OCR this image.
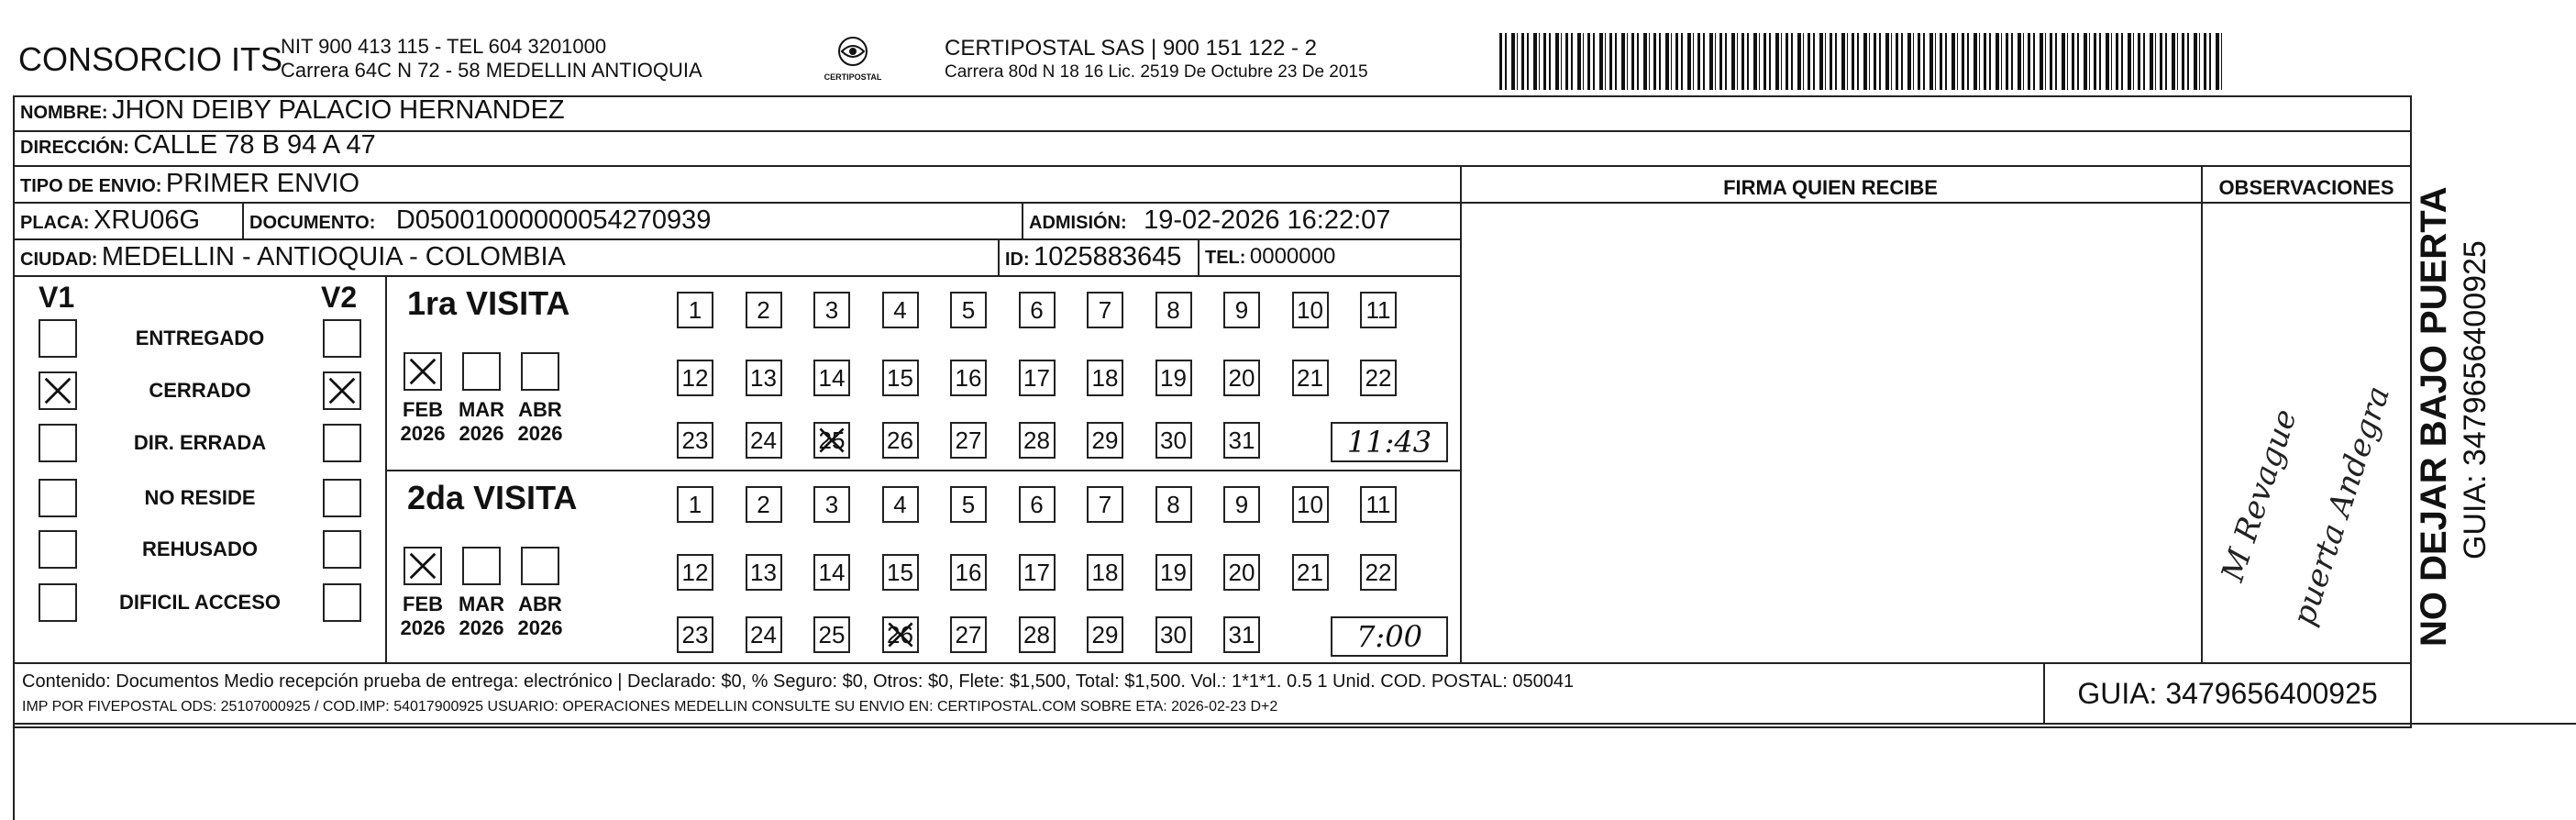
CONSORCIO ITS
NIT 900 413 115 - TEL 604 3201000
Carrera 64C N 72 - 58 MEDELLIN ANTIOQUIA	CERTIPOSTAL
CERTIPOSTAL SAS | 900 151 122 - 2
Carrera 80d N 18 16 Lic. 2519 De Octubre 23 De 2015
NOMBRE: JHON DEIBY PALACIO HERNANDEZ
DIRECCIÓN: CALLE 78 B 94 A 47
TIPO DE ENVIO: PRIMER ENVIO	FIRMA QUIEN RECIBE	OBSERVACIONES
PLACA: XRU06G	DOCUMENTO: D05001000000054270939	ADMISIÓN: 19-02-2026 16:22:07
CIUDAD: MEDELLIN - ANTIOQUIA - COLOMBIA	ID: 1025883645 TEL: 0000000
V1	V2
ENTREGADO
CERRADO
DIR. ERRADA
NO RESIDE
REHUSADO
DIFICIL ACCESO
1ra VISITA
FEB
2026
MAR
2026
ABR
2026
1	2	3	4	5	6	7	8	9	10 11
12 13 14 15 16 17 18 19 20 21 22
23 24 25 26 27 28 29 30 31	11:43
2da VISITA
FEB
2026
MAR
2026
ABR
2026
1	2	3	4	5	6	7	8	9	10 11
12 13 14 15 16 17 18 19 20 21 22
23 24 25 26 27 28 29 30 31	7:00
M Revague
puerta Andegra
Contenido: Documentos Medio recepción prueba de entrega: electrónico | Declarado: $0, % Seguro: $0, Otros: $0, Flete: $1,500, Total: $1,500. Vol.: 1*1*1. 0.5 1 Unid. COD. POSTAL: 050041
IMP POR FIVEPOSTAL ODS: 25107000925 / COD.IMP: 54017900925 USUARIO: OPERACIONES MEDELLIN CONSULTE SU ENVIO EN: CERTIPOSTAL.COM SOBRE ETA: 2026-02-23 D+2	GUIA: 3479656400925
NO DEJAR BAJO PUERTA GUIA: 3479656400925
